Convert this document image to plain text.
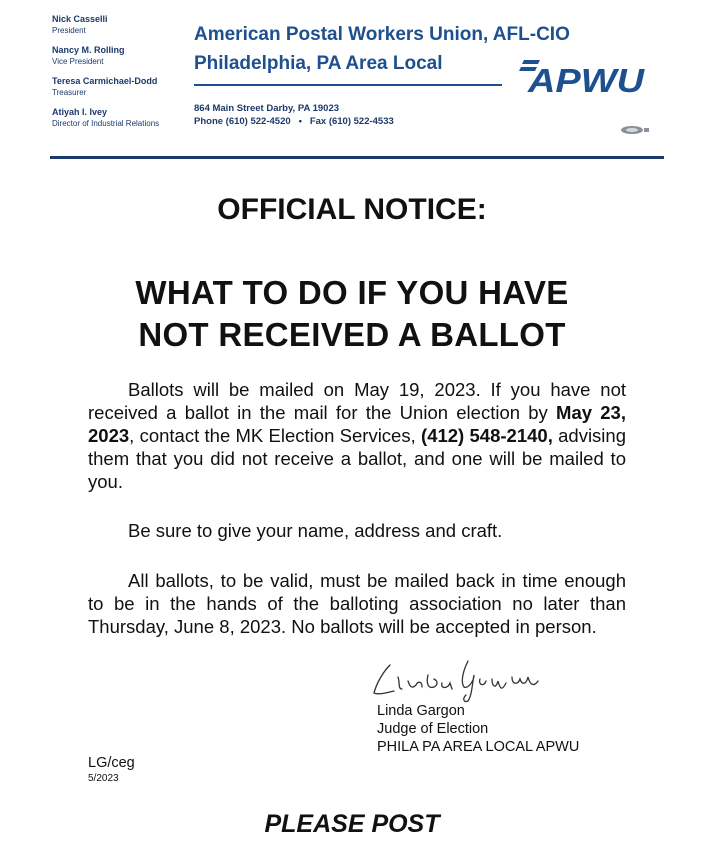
Nick Casselli
President
Nancy M. Rolling
Vice President
Teresa Carmichael-Dodd
Treasurer
Atiyah I. Ivey
Director of Industrial Relations
American Postal Workers Union, AFL-CIO
Philadelphia, PA Area Local	APWU
864 Main Street Darby, PA 19023
Phone (610) 522-4520 • Fax (610) 522-4533
OFFICIAL NOTICE:
WHAT TO DO IF YOU HAVE
NOT RECEIVED A BALLOT
Ballots will be mailed on May 19, 2023. If you have not received a ballot in the mail for the Union election by May 23, 2023, contact the MK Election Services, (412) 548-2140, advising them that you did not receive a ballot, and one will be mailed to you.
Be sure to give your name, address and craft.
All ballots, to be valid, must be mailed back in time enough to be in the hands of the balloting association no later than Thursday, June 8, 2023. No ballots will be accepted in person.
Linda Gargon
Judge of Election
PHILA PA AREA LOCAL APWU
LG/ceg
5/2023
PLEASE POST
